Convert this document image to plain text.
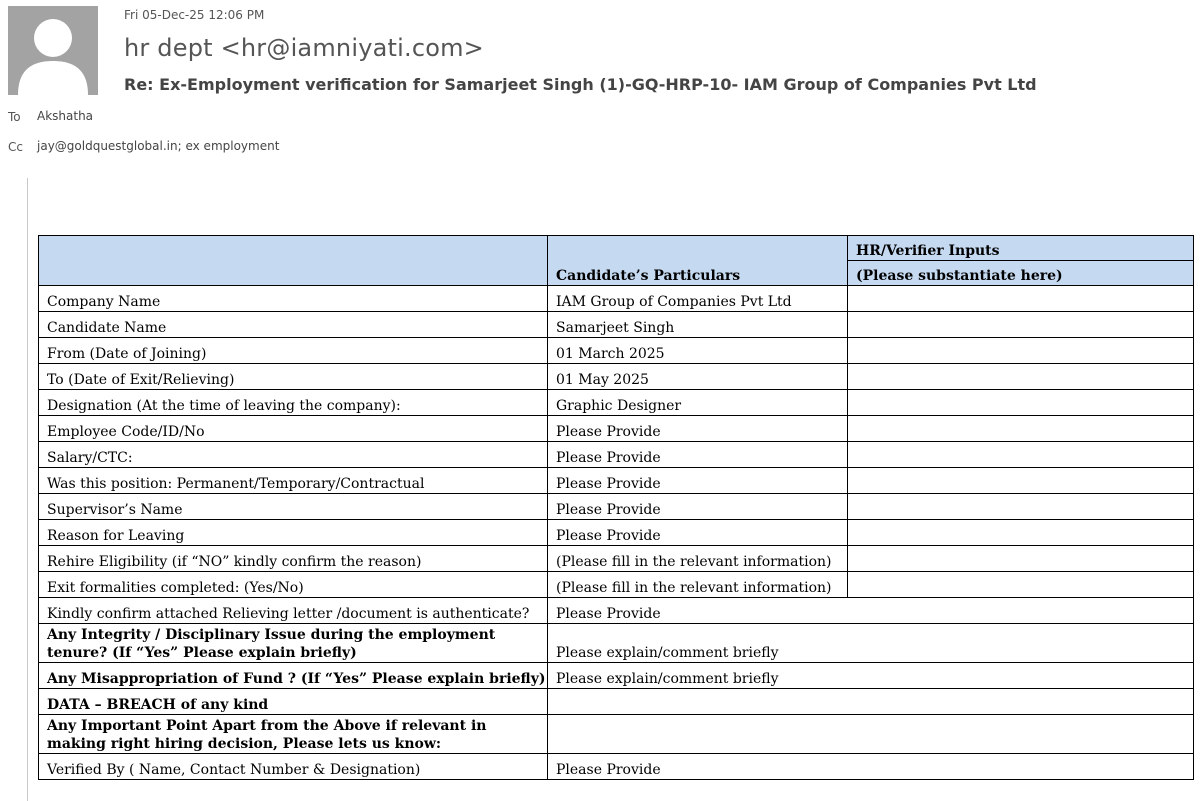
Fri 05-Dec-25 12:06 PM
hr dept <hr@iamniyati.com>
Re: Ex-Employment verification for Samarjeet Singh (1)-GQ-HRP-10- IAM Group of Companies Pvt Ltd
To Akshatha
Cc jay@goldquestglobal.in; ex employment
	Candidate’s Particulars	HR/Verifier Inputs
		(Please substantiate here)
Company Name	IAM Group of Companies Pvt Ltd	
Candidate Name	Samarjeet Singh	
From (Date of Joining)	01 March 2025	
To (Date of Exit/Relieving)	01 May 2025	
Designation (At the time of leaving the company):	Graphic Designer	
Employee Code/ID/No	Please Provide	
Salary/CTC:	Please Provide	
Was this position: Permanent/Temporary/Contractual	Please Provide	
Supervisor’s Name	Please Provide	
Reason for Leaving	Please Provide	
Rehire Eligibility (if “NO” kindly confirm the reason)	(Please fill in the relevant information)	
Exit formalities completed: (Yes/No)	(Please fill in the relevant information)	
Kindly confirm attached Relieving letter /document is authenticate?	Please Provide	
Any Integrity / Disciplinary Issue during the employment tenure? (If “Yes” Please explain briefly)	Please explain/comment briefly	
Any Misappropriation of Fund ? (If “Yes” Please explain briefly)	Please explain/comment briefly	
DATA – BREACH of any kind		
Any Important Point Apart from the Above if relevant in making right hiring decision, Please lets us know:		
Verified By ( Name, Contact Number & Designation)	Please Provide	
